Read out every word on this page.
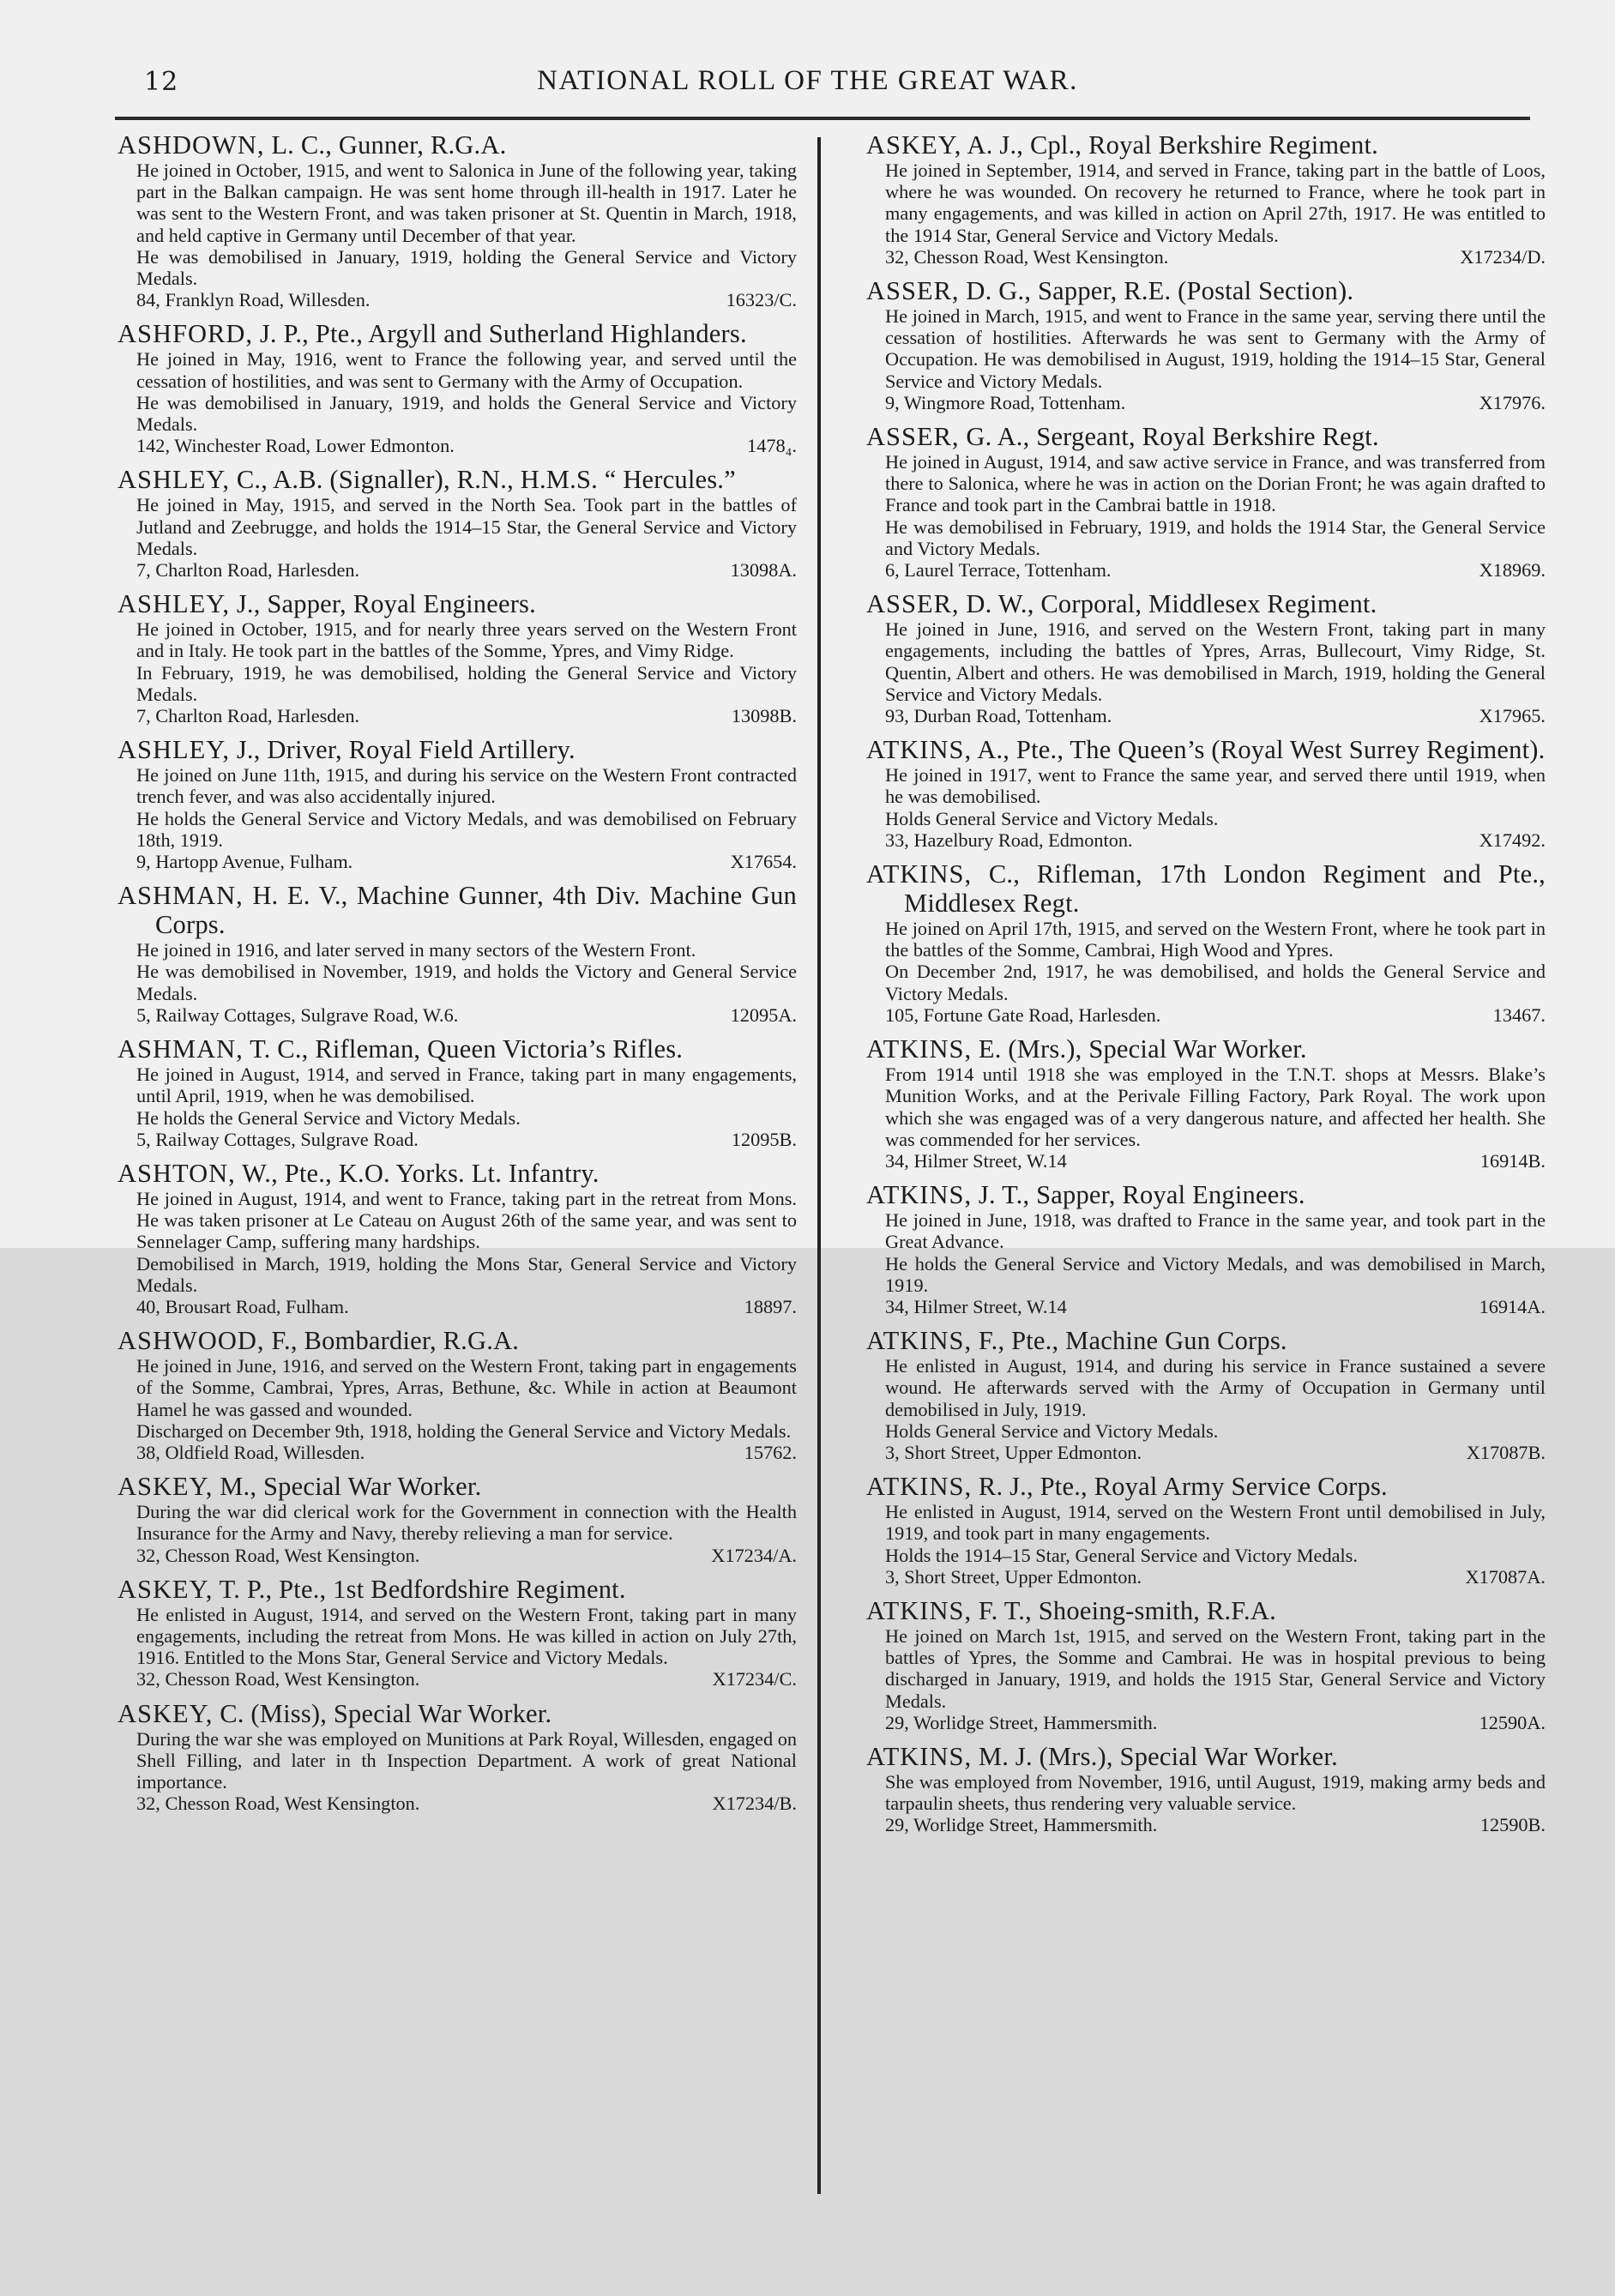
12	NATIONAL ROLL OF THE GREAT WAR.
ASHDOWN, L. C., Gunner, R.G.A.

He joined in October, 1915, and went to Salonica in June of the following year, taking part in the Balkan campaign. He was sent home through ill-health in 1917. Later he was sent to the Western Front, and was taken prisoner at St. Quentin in March, 1918, and held captive in Germany until December of that year.

He was demobilised in January, 1919, holding the General Service and Victory Medals.

84, Franklyn Road, Willesden.	16323/C.
ASHFORD, J. P., Pte., Argyll and Sutherland Highlanders.

He joined in May, 1916, went to France the following year, and served until the cessation of hostilities, and was sent to Germany with the Army of Occupation.

He was demobilised in January, 1919, and holds the General Service and Victory Medals.

142, Winchester Road, Lower Edmonton.	1478₄.
ASHLEY, C., A.B. (Signaller), R.N., H.M.S. “ Hercules.”

He joined in May, 1915, and served in the North Sea. Took part in the battles of Jutland and Zeebrugge, and holds the 1914–15 Star, the General Service and Victory Medals.

7, Charlton Road, Harlesden.	13098A.
ASHLEY, J., Sapper, Royal Engineers.

He joined in October, 1915, and for nearly three years served on the Western Front and in Italy. He took part in the battles of the Somme, Ypres, and Vimy Ridge.

In February, 1919, he was demobilised, holding the General Service and Victory Medals.

7, Charlton Road, Harlesden.	13098B.
ASHLEY, J., Driver, Royal Field Artillery.

He joined on June 11th, 1915, and during his service on the Western Front contracted trench fever, and was also accidentally injured.

He holds the General Service and Victory Medals, and was demobilised on February 18th, 1919.

9, Hartopp Avenue, Fulham.	X17654.
ASHMAN, H. E. V., Machine Gunner, 4th Div. Machine Gun Corps.

He joined in 1916, and later served in many sectors of the Western Front.

He was demobilised in November, 1919, and holds the Victory and General Service Medals.

5, Railway Cottages, Sulgrave Road, W.6.	12095A.
ASHMAN, T. C., Rifleman, Queen Victoria’s Rifles.

He joined in August, 1914, and served in France, taking part in many engagements, until April, 1919, when he was demobilised.

He holds the General Service and Victory Medals.

5, Railway Cottages, Sulgrave Road.	12095B.
ASHTON, W., Pte., K.O. Yorks. Lt. Infantry.

He joined in August, 1914, and went to France, taking part in the retreat from Mons. He was taken prisoner at Le Cateau on August 26th of the same year, and was sent to Sennelager Camp, suffering many hardships.

Demobilised in March, 1919, holding the Mons Star, General Service and Victory Medals.

40, Brousart Road, Fulham.	18897.
ASHWOOD, F., Bombardier, R.G.A.

He joined in June, 1916, and served on the Western Front, taking part in engagements of the Somme, Cambrai, Ypres, Arras, Bethune, &c. While in action at Beaumont Hamel he was gassed and wounded.

Discharged on December 9th, 1918, holding the General Service and Victory Medals.

38, Oldfield Road, Willesden.	15762.
ASKEY, M., Special War Worker.

During the war did clerical work for the Government in connection with the Health Insurance for the Army and Navy, thereby relieving a man for service.

32, Chesson Road, West Kensington.	X17234/A.
ASKEY, T. P., Pte., 1st Bedfordshire Regiment.

He enlisted in August, 1914, and served on the Western Front, taking part in many engagements, including the retreat from Mons. He was killed in action on July 27th, 1916. Entitled to the Mons Star, General Service and Victory Medals.

32, Chesson Road, West Kensington.	X17234/C.
ASKEY, C. (Miss), Special War Worker.

During the war she was employed on Munitions at Park Royal, Willesden, engaged on Shell Filling, and later in th Inspection Department. A work of great National importance.

32, Chesson Road, West Kensington.	X17234/B.
ASKEY, A. J., Cpl., Royal Berkshire Regiment.

He joined in September, 1914, and served in France, taking part in the battle of Loos, where he was wounded. On recovery he returned to France, where he took part in many engagements, and was killed in action on April 27th, 1917. He was entitled to the 1914 Star, General Service and Victory Medals.

32, Chesson Road, West Kensington.	X17234/D.
ASSER, D. G., Sapper, R.E. (Postal Section).

He joined in March, 1915, and went to France in the same year, serving there until the cessation of hostilities. Afterwards he was sent to Germany with the Army of Occupation. He was demobilised in August, 1919, holding the 1914–15 Star, General Service and Victory Medals.

9, Wingmore Road, Tottenham.	X17976.
ASSER, G. A., Sergeant, Royal Berkshire Regt.

He joined in August, 1914, and saw active service in France, and was transferred from there to Salonica, where he was in action on the Dorian Front; he was again drafted to France and took part in the Cambrai battle in 1918.

He was demobilised in February, 1919, and holds the 1914 Star, the General Service and Victory Medals.

6, Laurel Terrace, Tottenham.	X18969.
ASSER, D. W., Corporal, Middlesex Regiment.

He joined in June, 1916, and served on the Western Front, taking part in many engagements, including the battles of Ypres, Arras, Bullecourt, Vimy Ridge, St. Quentin, Albert and others. He was demobilised in March, 1919, holding the General Service and Victory Medals.

93, Durban Road, Tottenham.	X17965.
ATKINS, A., Pte., The Queen’s (Royal West Surrey Regiment).

He joined in 1917, went to France the same year, and served there until 1919, when he was demobilised.

Holds General Service and Victory Medals.

33, Hazelbury Road, Edmonton.	X17492.
ATKINS, C., Rifleman, 17th London Regiment and Pte., Middlesex Regt.

He joined on April 17th, 1915, and served on the Western Front, where he took part in the battles of the Somme, Cambrai, High Wood and Ypres.

On December 2nd, 1917, he was demobilised, and holds the General Service and Victory Medals.

105, Fortune Gate Road, Harlesden.	13467.
ATKINS, E. (Mrs.), Special War Worker.

From 1914 until 1918 she was employed in the T.N.T. shops at Messrs. Blake’s Munition Works, and at the Perivale Filling Factory, Park Royal. The work upon which she was engaged was of a very dangerous nature, and affected her health. She was commended for her services.

34, Hilmer Street, W.14	16914B.
ATKINS, J. T., Sapper, Royal Engineers.

He joined in June, 1918, was drafted to France in the same year, and took part in the Great Advance.

He holds the General Service and Victory Medals, and was demobilised in March, 1919.

34, Hilmer Street, W.14	16914A.
ATKINS, F., Pte., Machine Gun Corps.

He enlisted in August, 1914, and during his service in France sustained a severe wound. He afterwards served with the Army of Occupation in Germany until demobilised in July, 1919.

Holds General Service and Victory Medals.

3, Short Street, Upper Edmonton.	X17087B.
ATKINS, R. J., Pte., Royal Army Service Corps.

He enlisted in August, 1914, served on the Western Front until demobilised in July, 1919, and took part in many engagements.

Holds the 1914–15 Star, General Service and Victory Medals.

3, Short Street, Upper Edmonton.	X17087A.
ATKINS, F. T., Shoeing-smith, R.F.A.

He joined on March 1st, 1915, and served on the Western Front, taking part in the battles of Ypres, the Somme and Cambrai. He was in hospital previous to being discharged in January, 1919, and holds the 1915 Star, General Service and Victory Medals.

29, Worlidge Street, Hammersmith.	12590A.
ATKINS, M. J. (Mrs.), Special War Worker.

She was employed from November, 1916, until August, 1919, making army beds and tarpaulin sheets, thus rendering very valuable service.

29, Worlidge Street, Hammersmith.	12590B.
